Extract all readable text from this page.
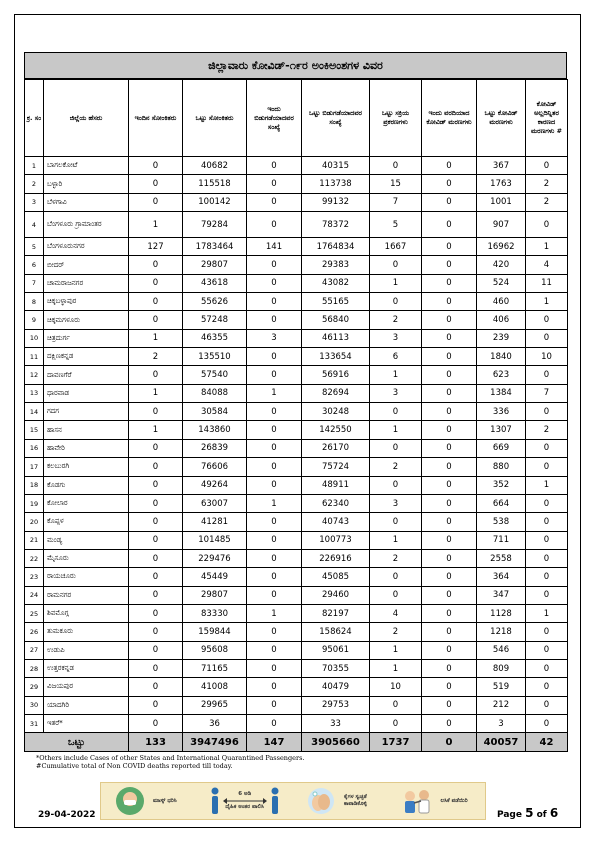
ಜಿಲ್ಲಾವಾರು ಕೋವಿಡ್-೧೯ರ ಅಂಕಿಅಂಶಗಳ ವಿವರ
ಕ್ರ. ಸಂ	ಜಿಲ್ಲೆಯ ಹೆಸರು	ಇಂದಿನ ಸೋಂಕಿತರು	ಒಟ್ಟು ಸೋಂಕಿತರು	ಇಂದು ಬಿಡುಗಡೆಯಾದವರ ಸಂಖ್ಯೆ	ಒಟ್ಟು ಬಿಡುಗಡೆಯಾದವರ ಸಂಖ್ಯೆ	ಒಟ್ಟು ಸಕ್ರಿಯ ಪ್ರಕರಣಗಳು	ಇಂದು ವರದಿಯಾದ ಕೋವಿಡ್ ಮರಣಗಳು	ಒಟ್ಟು ಕೋವಿಡ್ ಮರಣಗಳು	ಕೋವಿಡ್ ಅಲ್ಲದಿನ್ನಿತರ ಕಾರಣದ ಮರಣಗಳು #
1	ಬಾಗಲಕೋಟೆ	0	40682	0	40315	0	0	367	0
2	ಬಳ್ಳಾರಿ	0	115518	0	113738	15	0	1763	2
3	ಬೆಳಗಾವಿ	0	100142	0	99132	7	0	1001	2
4	ಬೆಂಗಳೂರು ಗ್ರಾಮಾಂತರ	1	79284	0	78372	5	0	907	0
5	ಬೆಂಗಳೂರುನಗರ	127	1783464	141	1764834	1667	0	16962	1
6	ಬೀದರ್	0	29807	0	29383	0	0	420	4
7	ಚಾಮರಾಜನಗರ	0	43618	0	43082	1	0	524	11
8	ಚಿಕ್ಕಬಳ್ಳಾಪುರ	0	55626	0	55165	0	0	460	1
9	ಚಿಕ್ಕಮಗಳೂರು	0	57248	0	56840	2	0	406	0
10	ಚಿತ್ರದುರ್ಗ	1	46355	3	46113	3	0	239	0
11	ದಕ್ಷಿಣಕನ್ನಡ	2	135510	0	133654	6	0	1840	10
12	ದಾವಣಗೆರೆ	0	57540	0	56916	1	0	623	0
13	ಧಾರವಾಡ	1	84088	1	82694	3	0	1384	7
14	ಗದಗ	0	30584	0	30248	0	0	336	0
15	ಹಾಸನ	1	143860	0	142550	1	0	1307	2
16	ಹಾವೇರಿ	0	26839	0	26170	0	0	669	0
17	ಕಲಬುರಗಿ	0	76606	0	75724	2	0	880	0
18	ಕೊಡಗು	0	49264	0	48911	0	0	352	1
19	ಕೋಲಾರ	0	63007	1	62340	3	0	664	0
20	ಕೊಪ್ಪಳ	0	41281	0	40743	0	0	538	0
21	ಮಂಡ್ಯ	0	101485	0	100773	1	0	711	0
22	ಮೈಸೂರು	0	229476	0	226916	2	0	2558	0
23	ರಾಯಚೂರು	0	45449	0	45085	0	0	364	0
24	ರಾಮನಗರ	0	29807	0	29460	0	0	347	0
25	ಶಿವಮೊಗ್ಗ	0	83330	1	82197	4	0	1128	1
26	ತುಮಕೂರು	0	159844	0	158624	2	0	1218	0
27	ಉಡುಪಿ	0	95608	0	95061	1	0	546	0
28	ಉತ್ತರಕನ್ನಡ	0	71165	0	70355	1	0	809	0
29	ವಿಜಯಪುರ	0	41008	0	40479	10	0	519	0
30	ಯಾದಗಿರಿ	0	29965	0	29753	0	0	212	0
31	ಇತರೆ*	0	36	0	33	0	0	3	0
ಒಟ್ಟು		133	3947496	147	3905660	1737	0	40057	42
*Others include Cases of other States and International Quarantined Passengers.
#Cumulative total of Non COVID deaths reported till today.
ಮಾಸ್ಕ್ ಧರಿಸಿ
6 ಅಡಿ
ದೈಹಿಕ ಅಂತರ ಪಾಲಿಸಿ
ಕೈಗಳ ಸ್ವಚ್ಛತೆ ಕಾಪಾಡಿಕೊಳ್ಳಿ
ಲಸಿಕೆ ಪಡೆಯಿರಿ
29-04-2022	Page 5 of 6
